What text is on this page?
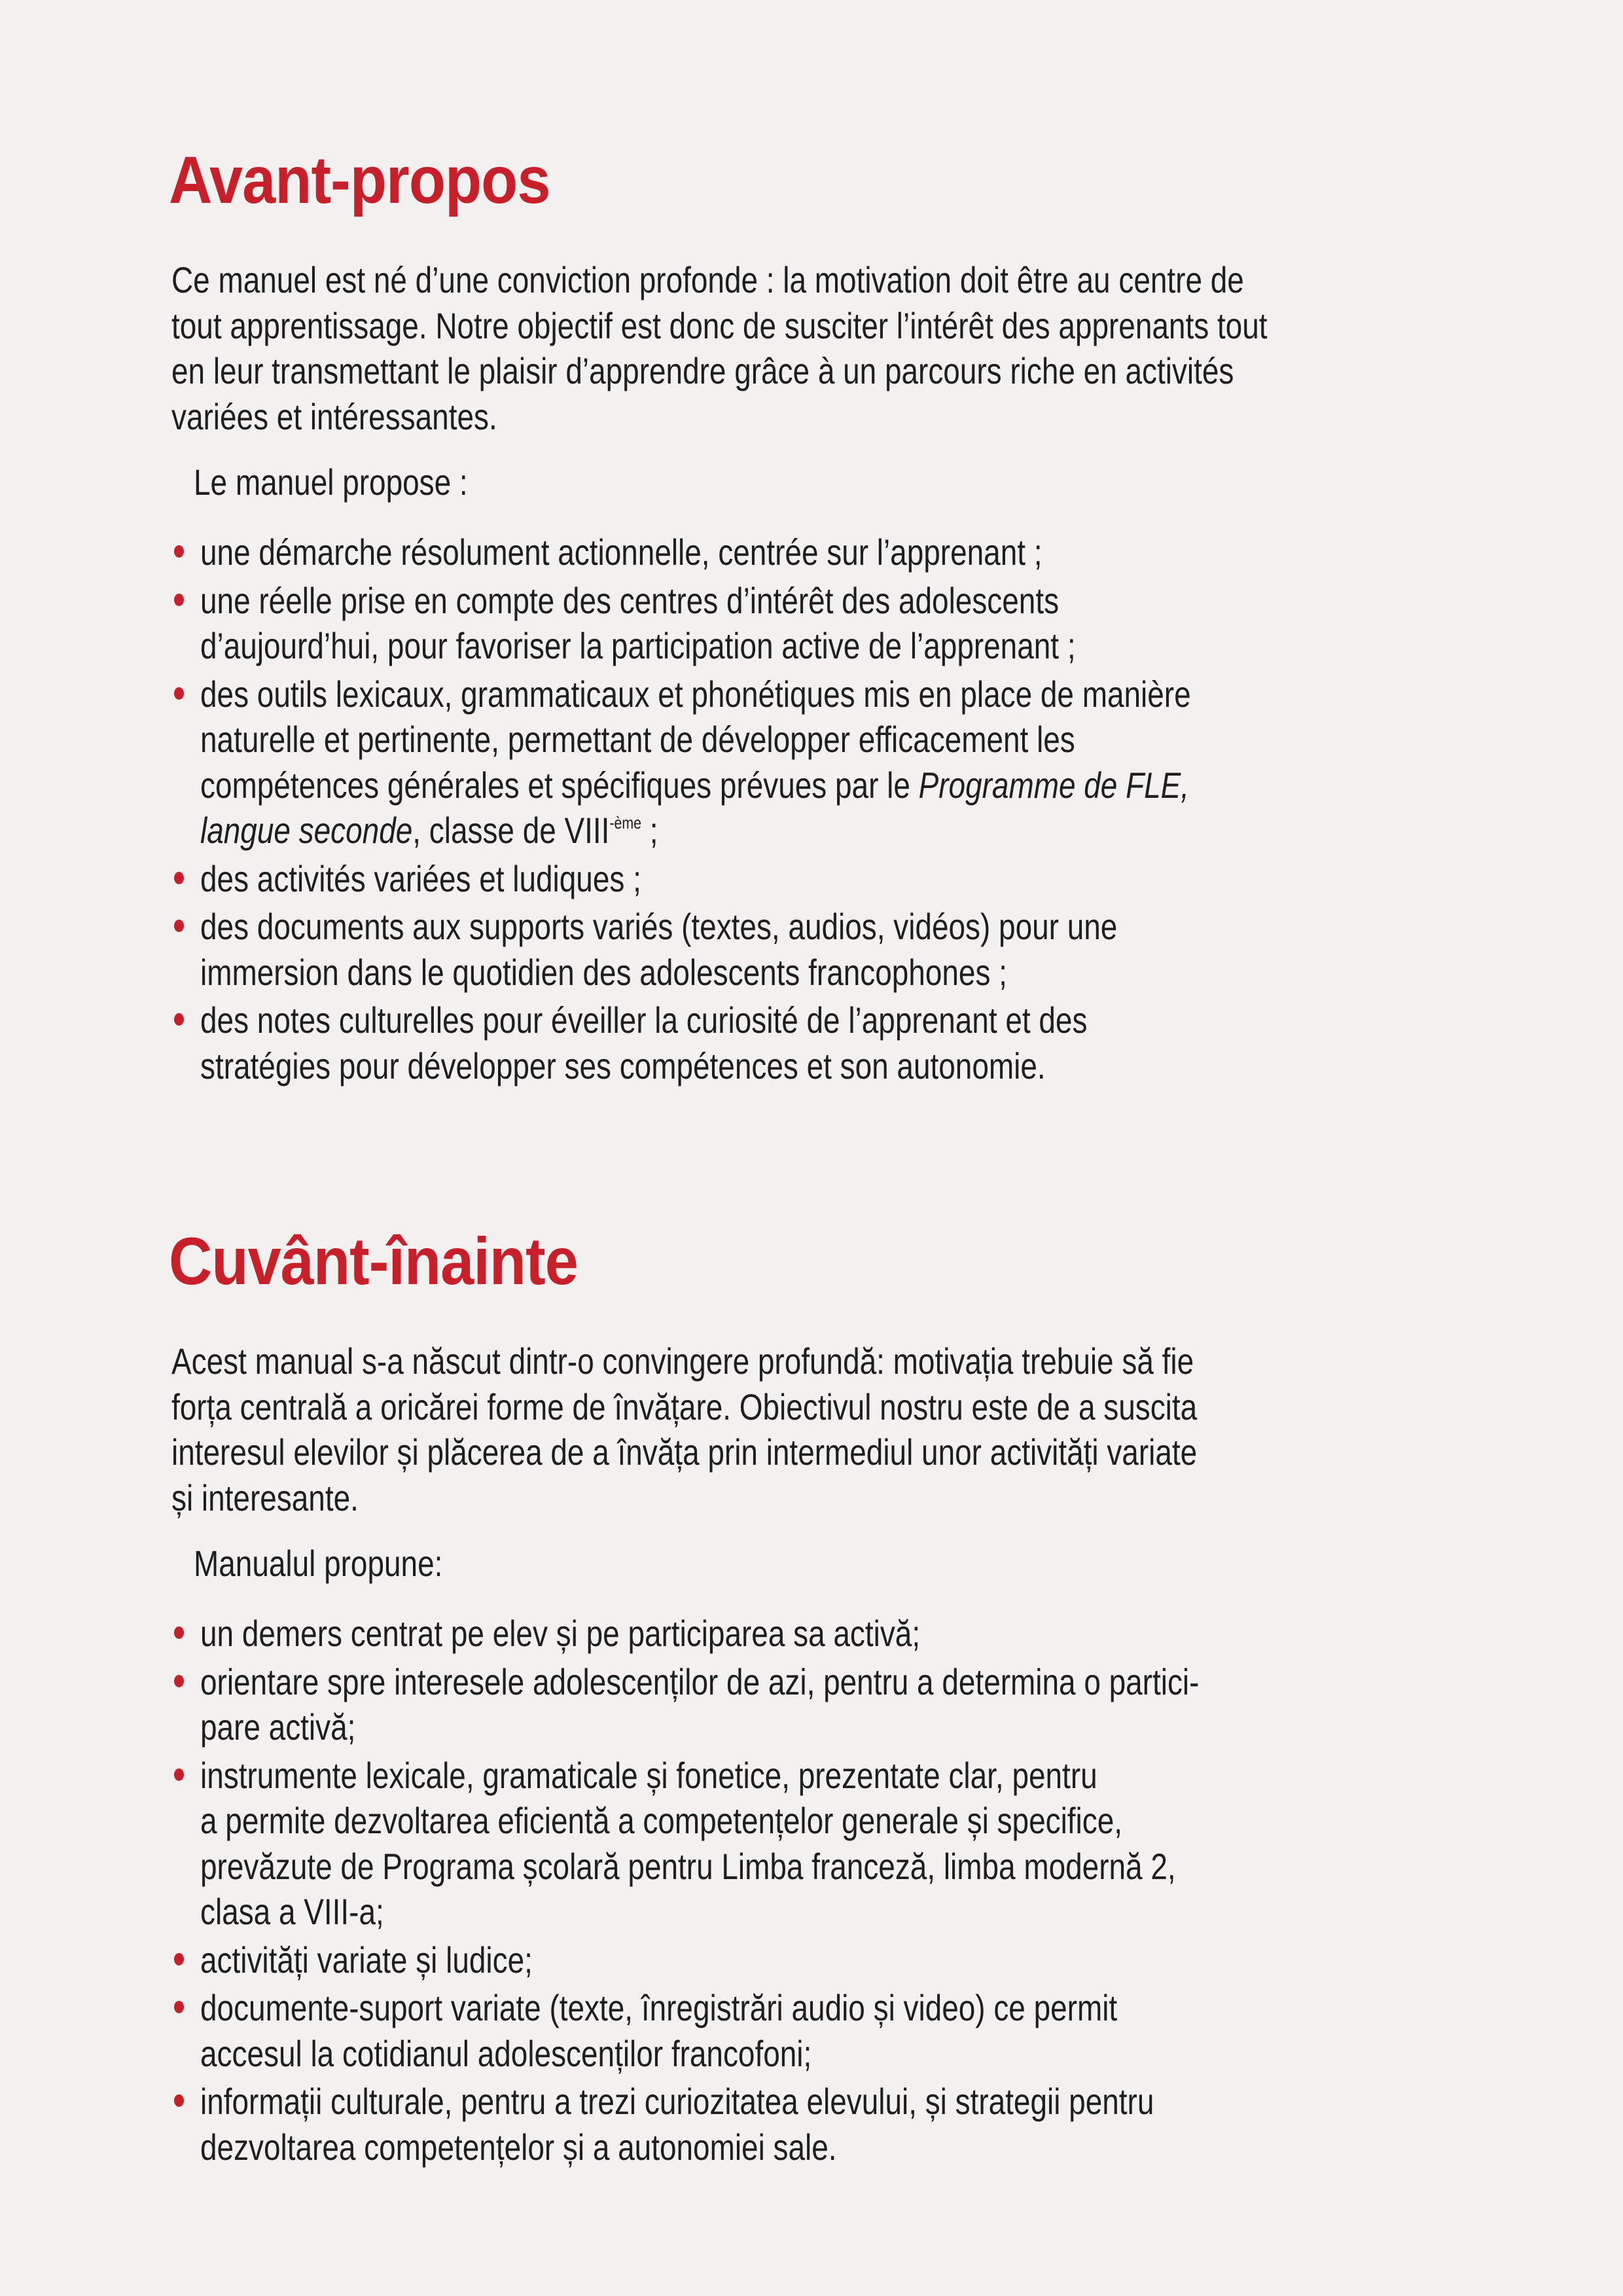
Avant-propos
Ce manuel est né d’une conviction profonde : la motivation doit être au centre de
tout apprentissage. Notre objectif est donc de susciter l’intérêt des apprenants tout
en leur transmettant le plaisir d’apprendre grâce à un parcours riche en activités
variées et intéressantes.
Le manuel propose :
une démarche résolument actionnelle, centrée sur l’apprenant ;
une réelle prise en compte des centres d’intérêt des adolescents
d’aujourd’hui, pour favoriser la participation active de l’apprenant ;
des outils lexicaux, grammaticaux et phonétiques mis en place de manière
naturelle et pertinente, permettant de développer efficacement les
compétences générales et spécifiques prévues par le Programme de FLE,
langue seconde, classe de $VIII^{-ème}$ ;
des activités variées et ludiques ;
des documents aux supports variés (textes, audios, vidéos) pour une
immersion dans le quotidien des adolescents francophones ;
des notes culturelles pour éveiller la curiosité de l’apprenant et des
stratégies pour développer ses compétences et son autonomie.
Cuvânt-înainte
Acest manual s-a născut dintr-o convingere profundă: motivația trebuie să fie
forța centrală a oricărei forme de învățare. Obiectivul nostru este de a suscita
interesul elevilor și plăcerea de a învăța prin intermediul unor activități variate
și interesante.
Manualul propune:
un demers centrat pe elev și pe participarea sa activă;
orientare spre interesele adolescenților de azi, pentru a determina o partici-
pare activă;
instrumente lexicale, gramaticale și fonetice, prezentate clar, pentru
a permite dezvoltarea eficientă a competențelor generale și specifice,
prevăzute de Programa școlară pentru Limba franceză, limba modernă 2,
clasa a VIII-a;
activități variate și ludice;
documente-suport variate (texte, înregistrări audio și video) ce permit
accesul la cotidianul adolescenților francofoni;
informații culturale, pentru a trezi curiozitatea elevului, și strategii pentru
dezvoltarea competențelor și a autonomiei sale.
